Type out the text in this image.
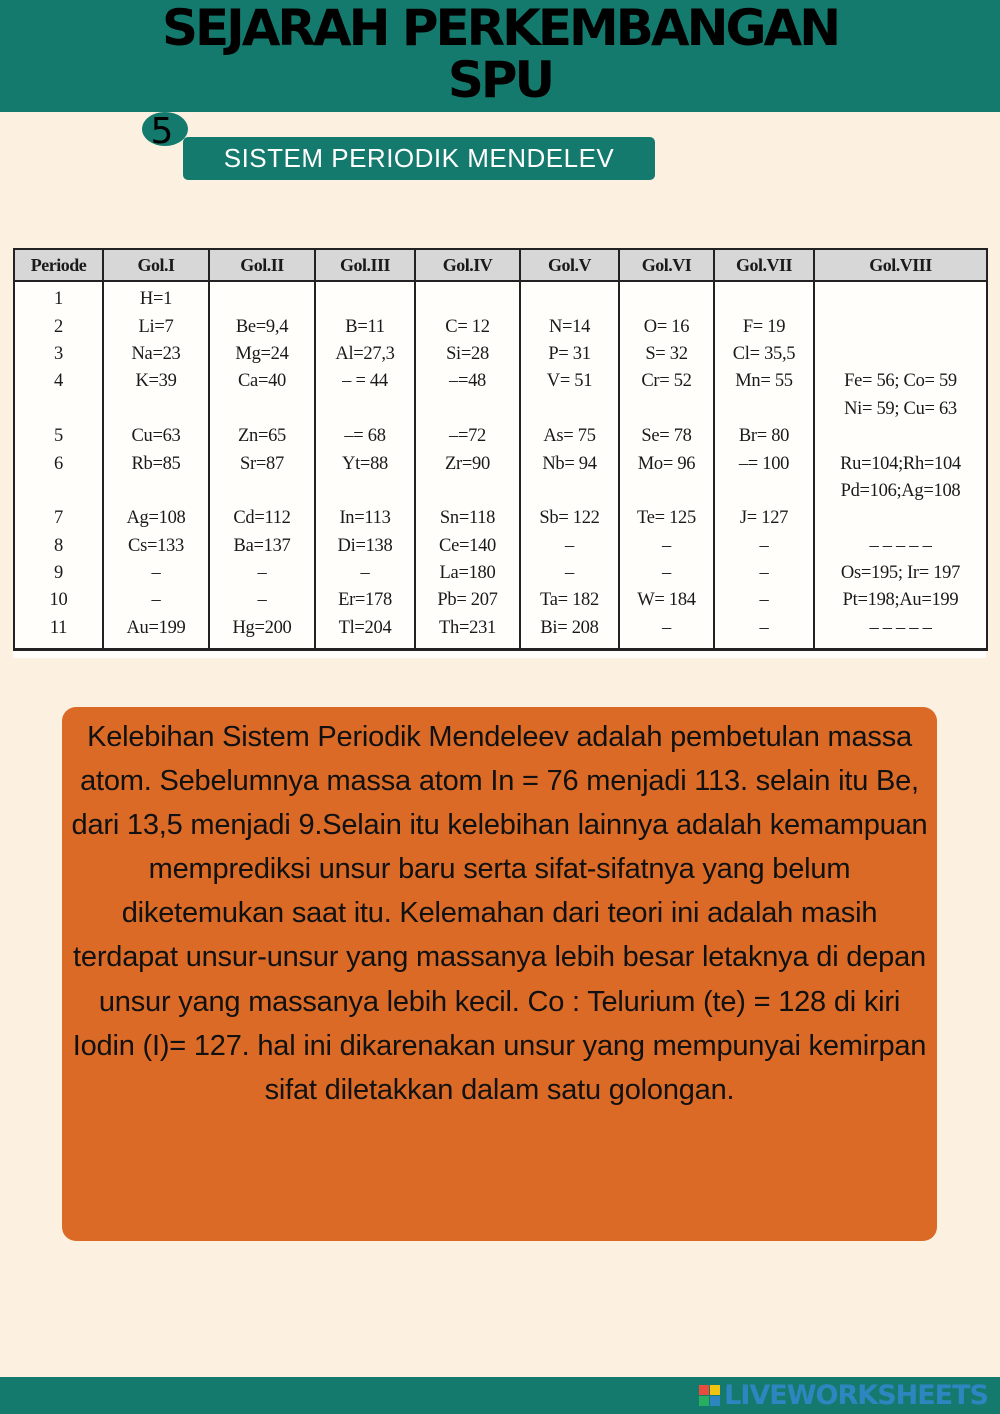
SEJARAH PERKEMBANGAN
SPU
5
SISTEM PERIODIK MENDELEV
Periode	Gol.I	Gol.II	Gol.III	Gol.IV	Gol.V	Gol.VI	Gol.VII	Gol.VIII
1	H=1							
2	Li=7	Be=9,4	B=11	C= 12	N=14	O= 16	F= 19	
3	Na=23	Mg=24	Al=27,3	Si=28	P= 31	S= 32	Cl= 35,5	
4	K=39	Ca=40	– = 44	–=48	V= 51	Cr= 52	Mn= 55	Fe= 56; Co= 59
								Ni= 59; Cu= 63
5	Cu=63	Zn=65	–= 68	–=72	As= 75	Se= 78	Br= 80	
6	Rb=85	Sr=87	Yt=88	Zr=90	Nb= 94	Mo= 96	–= 100	Ru=104;Rh=104
								Pd=106;Ag=108
7	Ag=108	Cd=112	In=113	Sn=118	Sb= 122	Te= 125	J= 127	
8	Cs=133	Ba=137	Di=138	Ce=140	–	–	–	– – – – –
9	–	–	–	La=180	–	–	–	Os=195; Ir= 197
10	–	–	Er=178	Pb= 207	Ta= 182	W= 184	–	Pt=198;Au=199
11	Au=199	Hg=200	Tl=204	Th=231	Bi= 208	–	–	– – – – –

Kelebihan Sistem Periodik Mendeleev adalah pembetulan massa atom. Sebelumnya massa atom In = 76 menjadi 113. selain itu Be, dari 13,5 menjadi 9.Selain itu kelebihan lainnya adalah kemampuan memprediksi unsur baru serta sifat-sifatnya yang belum diketemukan saat itu. Kelemahan dari teori ini adalah masih terdapat unsur-unsur yang massanya lebih besar letaknya di depan unsur yang massanya lebih kecil. Co : Telurium (te) = 128 di kiri Iodin (I)= 127. hal ini dikarenakan unsur yang mempunyai kemirpan sifat diletakkan dalam satu golongan.

LIVEWORKSHEETS
